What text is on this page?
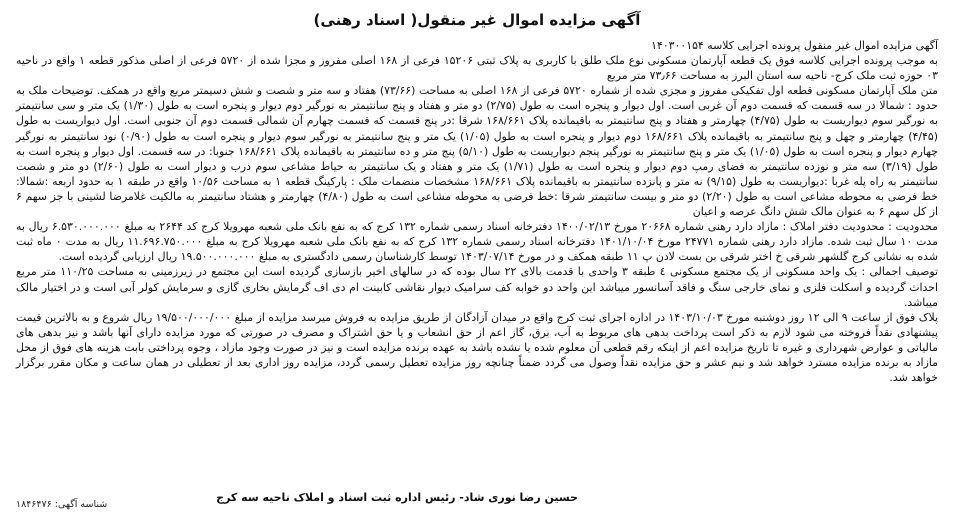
آگهی مزایده اموال غیر منقول( اسناد رهنی)

آگهی مزایده اموال غیر منقول پرونده اجرایی کلاسه ۱۴۰۳۰۰۱۵۴

به موجب پرونده اجرایی کلاسه فوق یک قطعه آپارتمان مسکونی نوع ملک طلق با کاربری به پلاک ثبتی ۱۵۲۰۶ فرعی از ۱۶۸ اصلی مفروز و مجزا شده از ۵۷۲۰ فرعی از اصلی مذکور قطعه ۱ واقع در ناحیه ۰۳ حوزه ثبت ملک کرج- ناحیه سه استان البرز به مساحت ۷۳٫۶۶ متر مربع

متن ملک آپارتمان مسکونی قطعه اول تفکیکی مفروز و مجزی شده از شماره ۵۷۲۰ فرعی از ۱۶۸ اصلی به مساحت (۷۳/۶۶) هفتاد و سه متر و شصت و شش دسیمتر مربع واقع در همکف. توضیحات ملک به حدود : شمالا در سه قسمت که قسمت دوم آن غربی است. اول دیوار و پنجره است به طول (۲/۷۵) دو متر و هفتاد و پنج سانتیمتر به نورگیر دوم دیوار و پنجره است به طول (۱/۳۰) یک متر و سی سانتیمتر به نورگیر سوم دیواریست به طول (۴/۷۵) چهارمتر و هفتاد و پنج سانتیمتر به باقیمانده پلاک ۱۶۸/۶۶۱ شرقا :در پنج قسمت که قسمت چهارم آن شمالی قسمت دوم آن جنوبی است. اول دیواریست به طول (۴/۴۵) چهارمتر و چهل و پنج سانتیمتر به باقیمانده پلاک ۱۶۸/۶۶۱ دوم دیوار و پنجره است به طول (۱/۰۵) یک متر و پنج سانتیمتر به نورگیر سوم دیوار و پنجره است به طول (۰/۹۰) نود سانتیمتر به نورگیر چهارم دیوار و پنجره است به طول (۱/۰۵) یک متر و پنج سانتیمتر به نورگیر پنجم دیواریست به طول (۵/۱۰) پنج متر و ده سانتیمتر به باقیمانده پلاک ۱۶۸/۶۶۱ جنوبا: در سه قسمت. اول دیوار و پنجره است به طول (۳/۱۹) سه متر و نوزده سانتیمتر به فضای رمپ دوم دیوار و پنجره است به طول (۱/۷۱) یک متر و هفتاد و یک سانتیمتر به حیاط مشاعی سوم درب و دیوار است به طول (۲/۶۰) دو متر و شصت سانتیمتر به راه پله غربا :دیواریست به طول (۹/۱۵) نه متر و پانزده سانتیمتر به باقیمانده پلاک ۱۶۸/۶۶۱ مشخصات منضمات ملک : پارکینگ قطعه ۱ به مساحت ۱۰/۵۶ واقع در طبقه ۱ به حدود اربعه :شمالا: خط فرضی به محوطه مشاعی است به طول (۲/۲۰) دو متر و بیست سانتیمتر شرقا :خط فرضی به محوطه مشاعی است به طول (۴/۸۰) چهارمتر و هشتاد سانتیمتر به مالکیت غلامرضا لشینی با جز سهم ۶ از کل سهم ۶ به عنوان مالک شش دانگ عرصه و اعیان

محدودیت : محدودیت دفتر املاک : مازاد دارد رهنی شماره ۲۰۶۶۸ مورخ ۱۴۰۰/۰۲/۱۳ دفترخانه اسناد رسمی شماره ۱۳۲ کرج که به نفع بانک ملی شعبه مهرویلا کرج کد ۲۶۴۴ به مبلغ ۶.۵۳۰.۰۰۰.۰۰۰ ریال به مدت ۱۰ سال ثبت شده. مازاد دارد رهنی شماره ۲۴۷۷۱ مورخ ۱۴۰۱/۱۰/۰۴ دفترخانه اسناد رسمی شماره ۱۳۲ کرج که به نفع بانک ملی شعبه مهرویلا کرج به مبلغ ۱۱.۶۹۶.۷۵۰.۰۰۰ ریال به مدت ۰ ماه ثبت شده به نشانی کرج گلشهر شرقی خ اختر شرقی بن بست لادن پ ۱۱ طبقه همکف و در مورخ ۱۴۰۳/۰۷/۱۴ توسط کارشناسان رسمی دادگستری به مبلغ ۱۹.۵۰۰.۰۰۰.۰۰۰ ریال ارزیابی گردیده است.

توصیف اجمالی : یک واحد مسکونی از یک مجتمع مسکونی ٤ طبقه ۳ واحدی با قدمت بالای ۲۲ سال بوده که در سالهای اخیر بازسازی گردیده است این مجتمع در زیرزمینی به مساحت ۱۱۰/۲۵ متر مربع احداث گردیده و اسکلت فلزی و نمای خارجی سنگ و فاقد آسانسور میباشد این واحد دو خوابه کف سرامیک دیوار نقاشی کابینت ام دی اف گرمایش بخاری گازی و سرمایش کولر آبی است و در اختیار مالک میباشد.

پلاک فوق از ساعت ۹ الی ۱۲ روز دوشنبه مورخ ۱۴۰۳/۱۰/۰۳ در اداره اجرای ثبت کرج واقع در میدان آزادگان از طریق مزایده به فروش میرسد مزایده از مبلغ ۱۹/۵۰۰/۰۰۰/۰۰۰ ریال شروع و به بالاترین قیمت پیشنهادی نقداً فروخته می شود لازم به ذکر است پرداخت بدهی های مربوط به آب، برق، گاز اعم از حق انشعاب و یا حق اشتراک و مصرف در صورتی که مورد مزایده دارای آنها باشد و نیز بدهی های مالیاتی و عوارض شهرداری و غیره تا تاریخ مزایده اعم از اینکه رقم قطعی آن معلوم شده یا نشده باشد به عهده برنده مزایده است و نیز در صورت وجود مازاد ، وجوه پرداختی بابت هزینه های فوق از محل مازاد به برنده مزایده مسترد خواهد شد و نیم عشر و حق مزایده نقداً وصول می گردد ضمناً چنانچه روز مزایده تعطیل رسمی گردد، مزایده روز اداری بعد از تعطیلی در همان ساعت و مکان مقرر برگزار خواهد شد.

حسین رضا نوری شاد- رئیس اداره ثبت اسناد و املاک ناحیه سه کرج
شناسه آگهی: ۱۸۴۶۴۷۶
